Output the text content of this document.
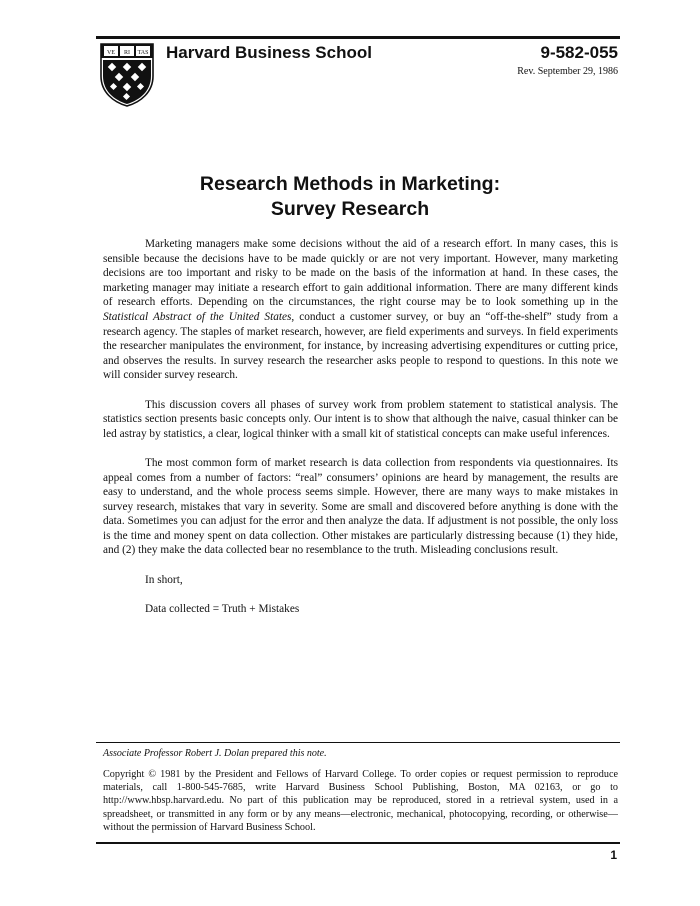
VE RI TAS Harvard Business School	9-582-055
Rev. September 29, 1986
Research Methods in Marketing:
Survey Research

Marketing managers make some decisions without the aid of a research effort. In many cases, this is sensible because the decisions have to be made quickly or are not very important. However, many marketing decisions are too important and risky to be made on the basis of the information at hand. In these cases, the marketing manager may initiate a research effort to gain additional information. There are many different kinds of research efforts. Depending on the circumstances, the right course may be to look something up in the Statistical Abstract of the United States, conduct a customer survey, or buy an “off-the-shelf” study from a research agency. The staples of market research, however, are field experiments and surveys. In field experiments the researcher manipulates the environment, for instance, by increasing advertising expenditures or cutting price, and observes the results. In survey research the researcher asks people to respond to questions. In this note we will consider survey research.

This discussion covers all phases of survey work from problem statement to statistical analysis. The statistics section presents basic concepts only. Our intent is to show that although the naive, casual thinker can be led astray by statistics, a clear, logical thinker with a small kit of statistical concepts can make useful inferences.

The most common form of market research is data collection from respondents via questionnaires. Its appeal comes from a number of factors: “real” consumers’ opinions are heard by management, the results are easy to understand, and the whole process seems simple. However, there are many ways to make mistakes in survey research, mistakes that vary in severity. Some are small and discovered before anything is done with the data. Sometimes you can adjust for the error and then analyze the data. If adjustment is not possible, the only loss is the time and money spent on data collection. Other mistakes are particularly distressing because (1) they hide, and (2) they make the data collected bear no resemblance to the truth. Misleading conclusions result.

In short,

Data collected = Truth + Mistakes

Associate Professor Robert J. Dolan prepared this note.
Copyright © 1981 by the President and Fellows of Harvard College. To order copies or request permission to reproduce materials, call 1-800-545-7685, write Harvard Business School Publishing, Boston, MA 02163, or go to http://www.hbsp.harvard.edu. No part of this publication may be reproduced, stored in a retrieval system, used in a spreadsheet, or transmitted in any form or by any means—electronic, mechanical, photocopying, recording, or otherwise—without the permission of Harvard Business School.
1
